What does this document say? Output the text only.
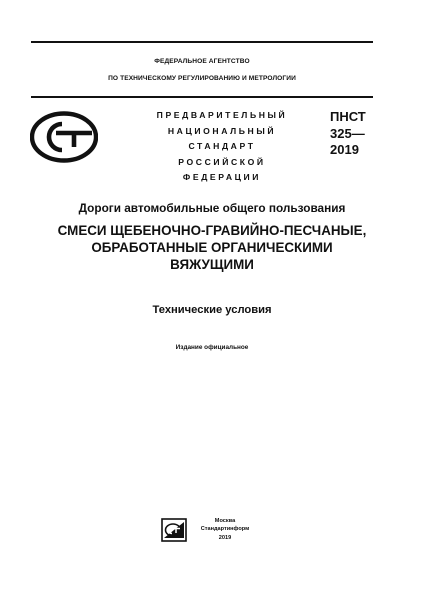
ФЕДЕРАЛЬНОЕ АГЕНТСТВО
ПО ТЕХНИЧЕСКОМУ РЕГУЛИРОВАНИЮ И МЕТРОЛОГИИ
ПРЕДВАРИТЕЛЬНЫЙ
НАЦИОНАЛЬНЫЙ
СТАНДАРТ
РОССИЙСКОЙ
ФЕДЕРАЦИИ
ПНСТ
325—
2019
Дороги автомобильные общего пользования
СМЕСИ ЩЕБЕНОЧНО-ГРАВИЙНО-ПЕСЧАНЫЕ,
ОБРАБОТАННЫЕ ОРГАНИЧЕСКИМИ
ВЯЖУЩИМИ
Технические условия
Издание официальное
Москва
Стандартинформ
2019
